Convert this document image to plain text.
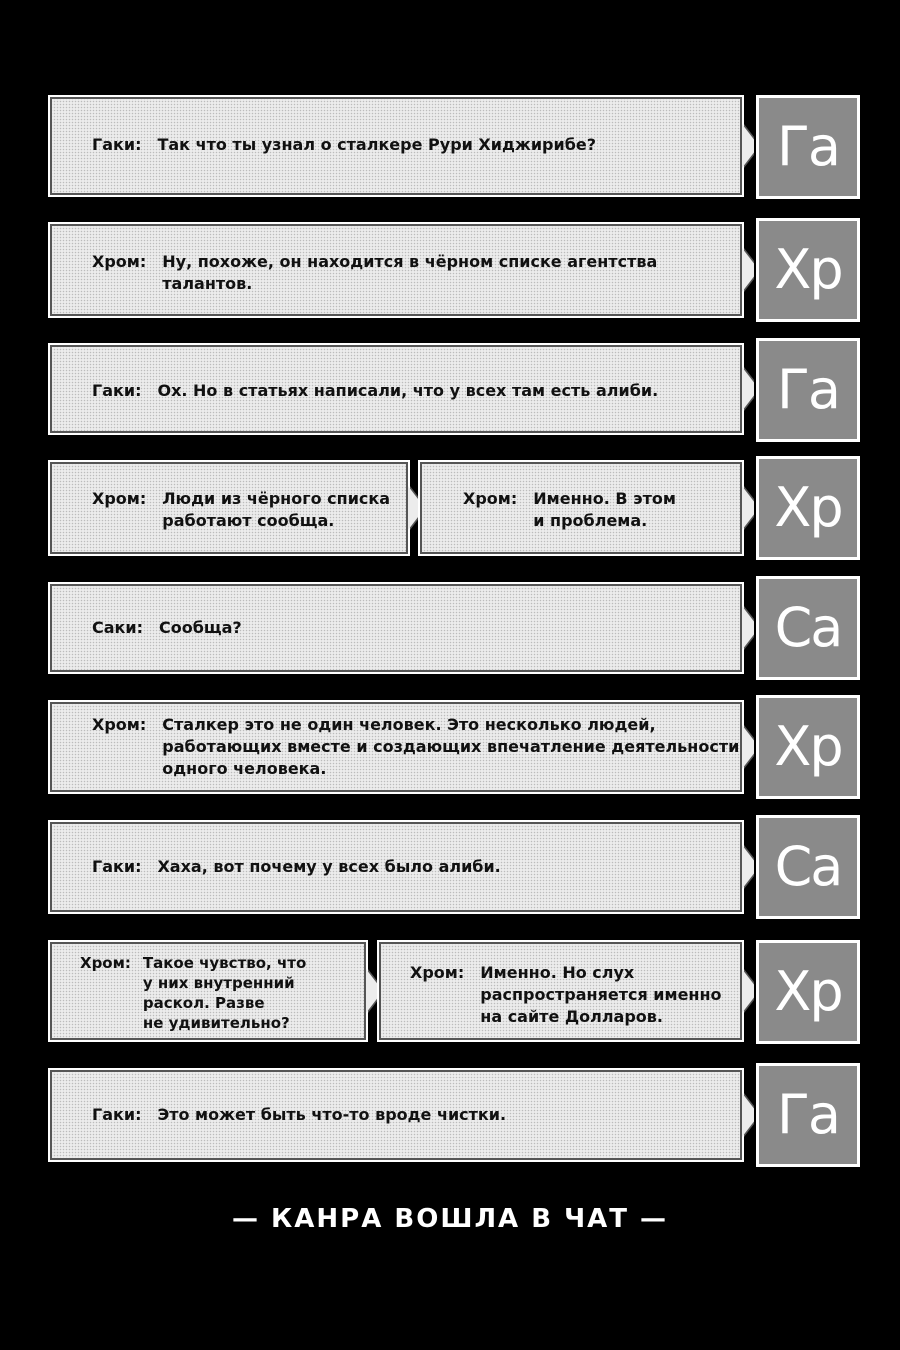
Гаки: Так что ты узнал о сталкере Рури Хиджирибе?	Га
Хром: Ну, похоже, он находится в чёрном списке агентства
талантов.	Хр
Гаки: Ох. Но в статьях написали, что у всех там есть алиби.	Га
Хром: Люди из чёрного списка
работают сообща.
Хром: Именно. В этом
и проблема.	Хр
Саки: Сообща?	Са
Хром: Сталкер это не один человек. Это несколько людей,
работающих вместе и создающих впечатление деятельности
одного человека.	Хр
Гаки: Хаха, вот почему у всех было алиби.	Са
Хром: Такое чувство, что
у них внутренний
раскол. Разве
не удивительно?
Хром: Именно. Но слух
распространяется именно
на сайте Долларов.	Хр
Гаки: Это может быть что-то вроде чистки.	Га
— КАНРА ВОШЛА В ЧАТ —
